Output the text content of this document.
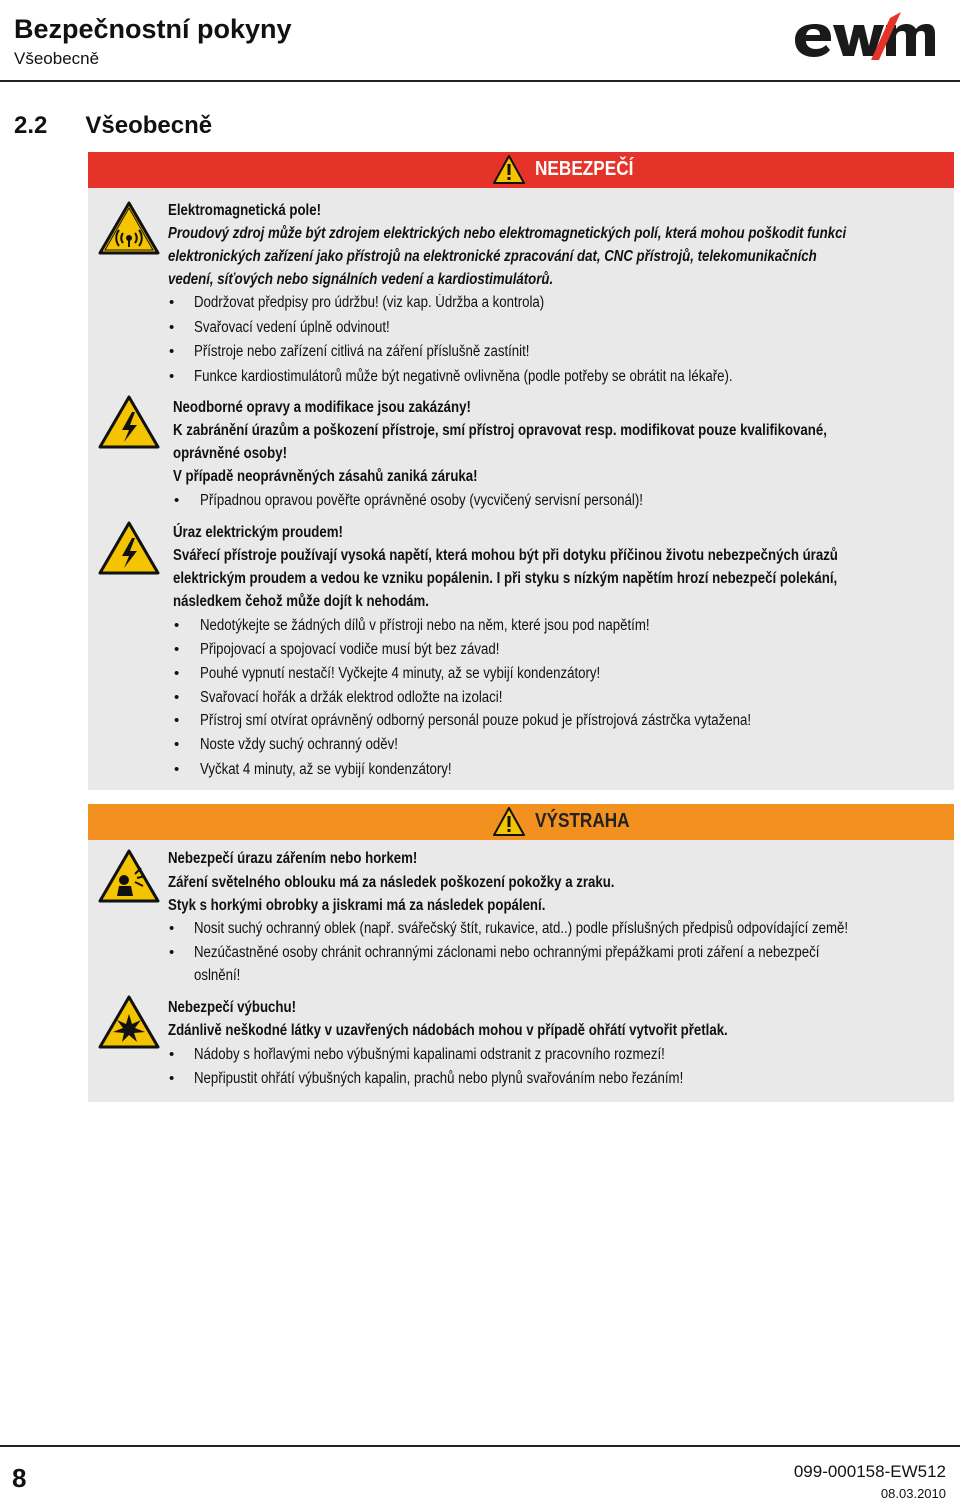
Bezpečnostní pokyny
Všeobecně
ewm
2.2 Všeobecně
NEBEZPEČÍ
Elektromagnetická pole!
Proudový zdroj může být zdrojem elektrických nebo elektromagnetických polí, která mohou poškodit funkci
elektronických zařízení jako přístrojů na elektronické zpracování dat, CNC přístrojů, telekomunikačních
vedení, síťových nebo signálních vedení a kardiostimulátorů.
• Dodržovat předpisy pro údržbu! (viz kap. Údržba a kontrola)
• Svařovací vedení úplně odvinout!
• Přístroje nebo zařízení citlivá na záření příslušně zastínit!
• Funkce kardiostimulátorů může být negativně ovlivněna (podle potřeby se obrátit na lékaře).
Neodborné opravy a modifikace jsou zakázány!
K zabránění úrazům a poškození přístroje, smí přístroj opravovat resp. modifikovat pouze kvalifikované,
oprávněné osoby!
V případě neoprávněných zásahů zaniká záruka!
• Případnou opravou pověřte oprávněné osoby (vycvičený servisní personál)!
Úraz elektrickým proudem!
Svářecí přístroje používají vysoká napětí, která mohou být při dotyku příčinou životu nebezpečných úrazů
elektrickým proudem a vedou ke vzniku popálenin. I při styku s nízkým napětím hrozí nebezpečí polekání,
následkem čehož může dojít k nehodám.
• Nedotýkejte se žádných dílů v přístroji nebo na něm, které jsou pod napětím!
• Připojovací a spojovací vodiče musí být bez závad!
• Pouhé vypnutí nestačí! Vyčkejte 4 minuty, až se vybijí kondenzátory!
• Svařovací hořák a držák elektrod odložte na izolaci!
• Přístroj smí otvírat oprávněný odborný personál pouze pokud je přístrojová zástrčka vytažena!
• Noste vždy suchý ochranný oděv!
• Vyčkat 4 minuty, až se vybijí kondenzátory!
VÝSTRAHA
Nebezpečí úrazu zářením nebo horkem!
Záření světelného oblouku má za následek poškození pokožky a zraku.
Styk s horkými obrobky a jiskrami má za následek popálení.
• Nosit suchý ochranný oblek (např. svářečský štít, rukavice, atd..) podle příslušných předpisů odpovídající země!
• Nezúčastněné osoby chránit ochrannými záclonami nebo ochrannými přepážkami proti záření a nebezpečí
oslnění!
Nebezpečí výbuchu!
Zdánlivě neškodné látky v uzavřených nádobách mohou v případě ohřátí vytvořit přetlak.
• Nádoby s hořlavými nebo výbušnými kapalinami odstranit z pracovního rozmezí!
• Nepřipustit ohřátí výbušných kapalin, prachů nebo plynů svařováním nebo řezáním!
8	099-000158-EW512
08.03.2010
